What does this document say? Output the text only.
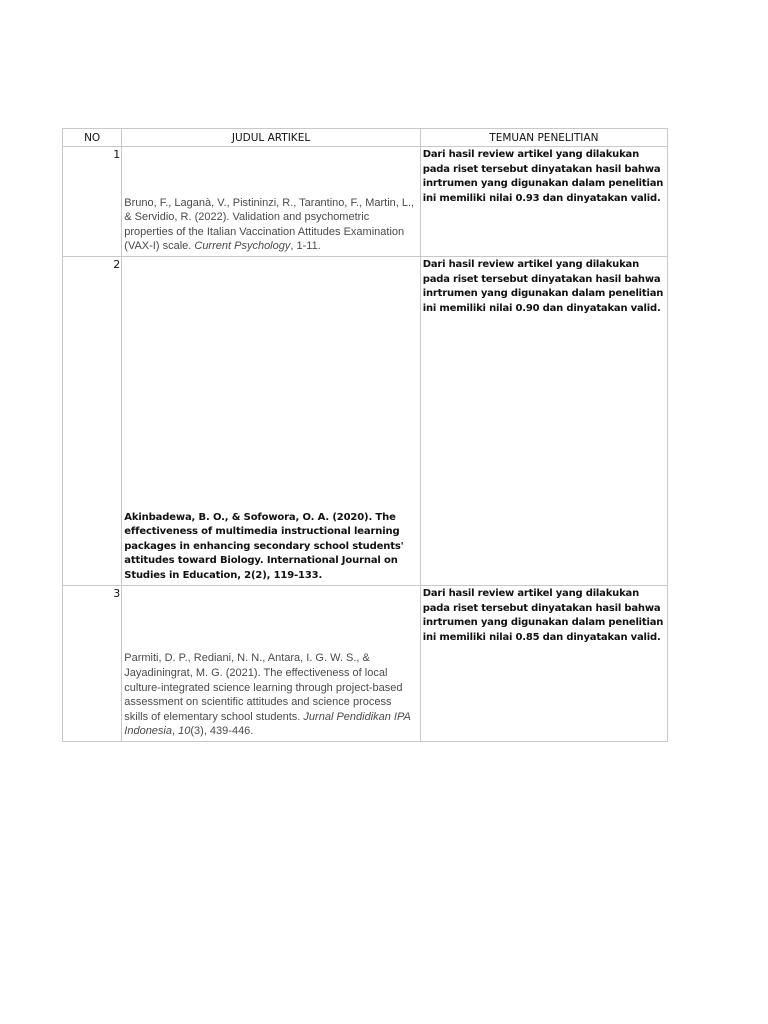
NO	JUDUL ARTIKEL	TEMUAN PENELITIAN
1	Bruno, F., Laganà, V., Pistininzi, R., Tarantino, F., Martin, L., & Servidio, R. (2022). Validation and psychometric properties of the Italian Vaccination Attitudes Examination (VAX-I) scale. Current Psychology, 1-11.	Dari hasil review artikel yang dilakukan pada riset tersebut dinyatakan hasil bahwa inrtrumen yang digunakan dalam penelitian ini memiliki nilai 0.93 dan dinyatakan valid.
2	Akinbadewa, B. O., & Sofowora, O. A. (2020). The effectiveness of multimedia instructional learning packages in enhancing secondary school students' attitudes toward Biology. International Journal on Studies in Education, 2(2), 119-133.	Dari hasil review artikel yang dilakukan pada riset tersebut dinyatakan hasil bahwa inrtrumen yang digunakan dalam penelitian ini memiliki nilai 0.90 dan dinyatakan valid.
3	Parmiti, D. P., Rediani, N. N., Antara, I. G. W. S., & Jayadiningrat, M. G. (2021). The effectiveness of local culture-integrated science learning through project-based assessment on scientific attitudes and science process skills of elementary school students. Jurnal Pendidikan IPA Indonesia, 10(3), 439-446.	Dari hasil review artikel yang dilakukan pada riset tersebut dinyatakan hasil bahwa inrtrumen yang digunakan dalam penelitian ini memiliki nilai 0.85 dan dinyatakan valid.
